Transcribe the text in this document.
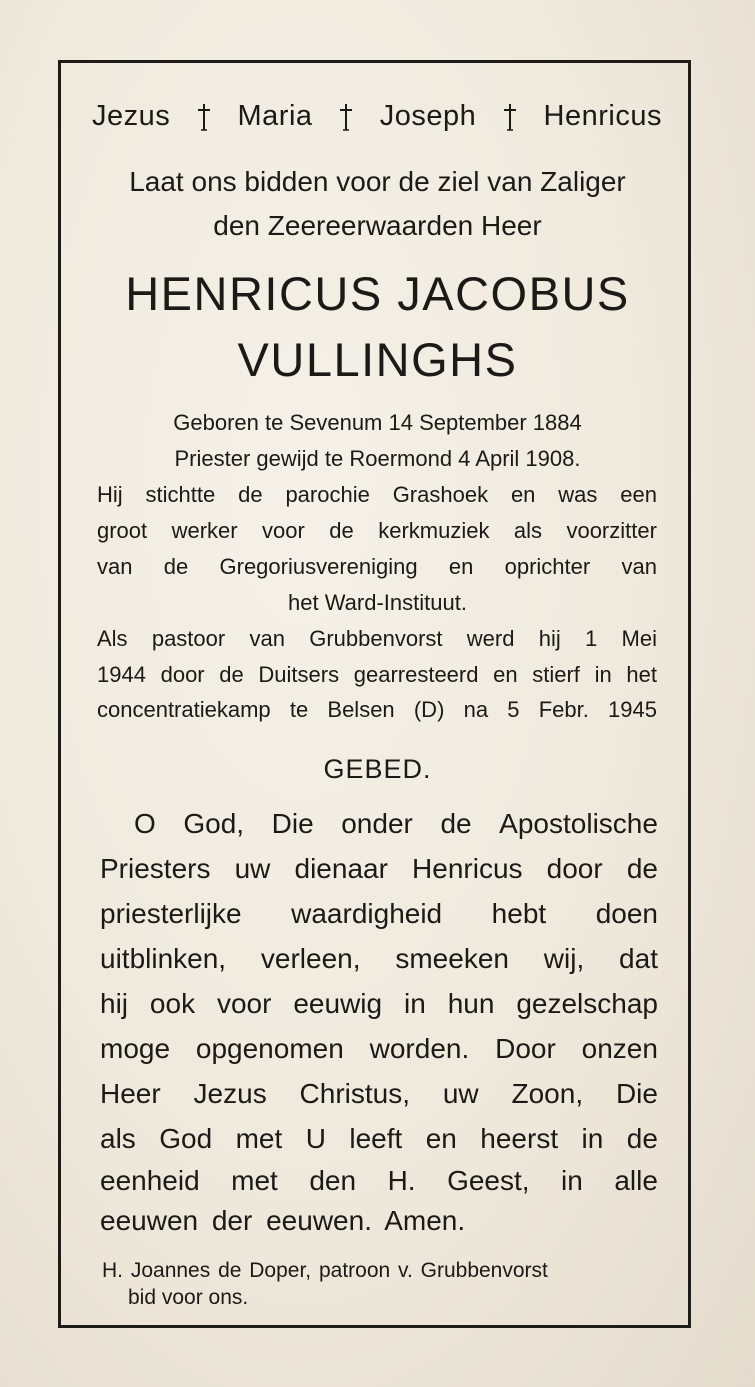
Jezus Maria Joseph Henricus
Laat ons bidden voor de ziel van Zaliger
den Zeereerwaarden Heer
HENRICUS JACOBUS
VULLINGHS
Geboren te Sevenum 14 September 1884
Priester gewijd te Roermond 4 April 1908.
Hij stichtte de parochie Grashoek en was een
groot werker voor de kerkmuziek als voorzitter
van de Gregoriusvereniging en oprichter van
het Ward-Instituut.
Als pastoor van Grubbenvorst werd hij 1 Mei
1944 door de Duitsers gearresteerd en stierf in het
concentratiekamp te Belsen (D) na 5 Febr. 1945
GEBED.
O God, Die onder de Apostolische
Priesters uw dienaar Henricus door de
priesterlijke waardigheid hebt doen
uitblinken, verleen, smeeken wij, dat
hij ook voor eeuwig in hun gezelschap
moge opgenomen worden. Door onzen
Heer Jezus Christus, uw Zoon, Die
als God met U leeft en heerst in de
eenheid met den H. Geest, in alle
eeuwen der eeuwen. Amen.
H. Joannes de Doper, patroon v. Grubbenvorst
bid voor ons.
